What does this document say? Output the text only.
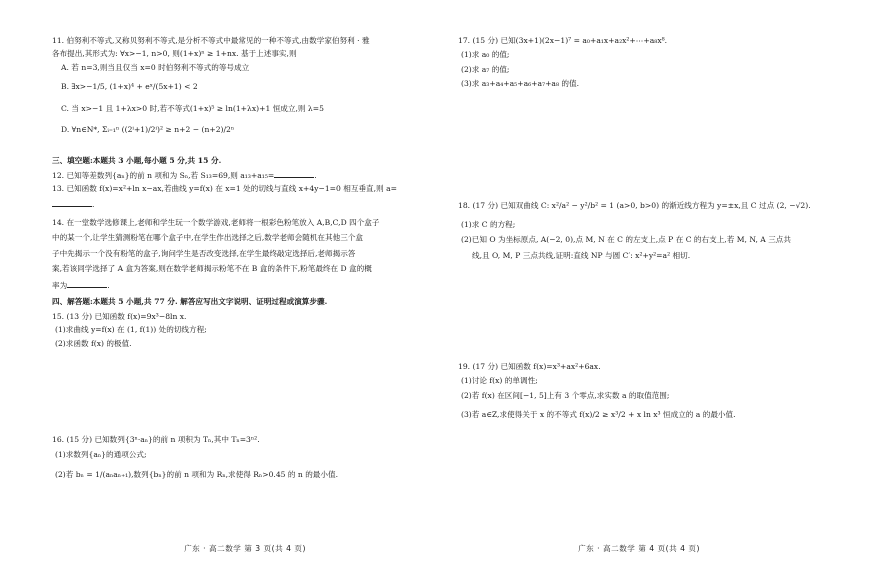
11. 伯努利不等式,又称贝努利不等式,是分析不等式中最常见的一种不等式,由数学家伯努利 · 雅
各布提出,其形式为: ∀x>−1, n>0, 则(1+x)ⁿ ≥ 1+nx. 基于上述事实,则
A. 若 n=3,则当且仅当 x=0 时伯努利不等式的等号成立
B. ∃x>−1/5, (1+x)⁴ + eˣ/(5x+1) < 2
C. 当 x>−1 且 1+λx>0 时,若不等式(1+x)⁵ ≥ ln(1+λx)+1 恒成立,则 λ=5
D. ∀n∈N*, Σᵢ₌₁ⁿ ((2ⁱ+1)/2ⁱ)² ≥ n+2 − (n+2)/2ⁿ
三、填空题:本题共 3 小题,每小题 5 分,共 15 分.
12. 已知等差数列{aₙ}的前 n 项和为 Sₙ,若 S₁₃=69,则 a₁₃+a₁₅=	.
13. 已知函数 f(x)=x²+ln x−ax,若曲线 y=f(x) 在 x=1 处的切线与直线 x+4y−1=0 相互垂直,则 a=
.
14. 在一堂数学选修课上,老师和学生玩一个数学游戏,老师将一根彩色粉笔放入 A,B,C,D 四个盒子
中的某一个,让学生猜测粉笔在哪个盒子中,在学生作出选择之后,数学老师会随机在其他三个盒
子中先揭示一个没有粉笔的盒子,询问学生是否改变选择,在学生最终敲定选择后,老师揭示答
案,若该同学选择了 A 盒为答案,则在数学老师揭示粉笔不在 B 盒的条件下,粉笔最终在 D 盒的概
率为	.
四、解答题:本题共 5 小题,共 77 分. 解答应写出文字说明、证明过程或演算步骤.
15. (13 分) 已知函数 f(x)=9x³−8ln x.
(1)求曲线 y=f(x) 在 (1, f(1)) 处的切线方程;
(2)求函数 f(x) 的极值.
16. (15 分) 已知数列{3ⁿ·aₙ}的前 n 项积为 Tₙ,其中 Tₙ=3ⁿ².
(1)求数列{aₙ}的通项公式;
(2)若 bₙ = 1/(aₙaₙ₊₁),数列{bₙ}的前 n 项和为 Rₙ,求使得 Rₙ>0.45 的 n 的最小值.
广东 · 高二数学 第 3 页(共 4 页)
17. (15 分) 已知(3x+1)(2x−1)⁷ = a₀+a₁x+a₂x²+⋯+a₈x⁸.
(1)求 a₀ 的值;
(2)求 a₇ 的值;
(3)求 a₃+a₄+a₅+a₆+a₇+a₈ 的值.
18. (17 分) 已知双曲线 C: x²/a² − y²/b² = 1 (a>0, b>0) 的渐近线方程为 y=±x,且 C 过点 (2, −√2).
(1)求 C 的方程;
(2)已知 O 为坐标原点, A(−2, 0),点 M, N 在 C 的左支上,点 P 在 C 的右支上,若 M, N, A 三点共
线,且 O, M, P 三点共线,证明:直线 NP 与圆 C′: x²+y²=a² 相切.
19. (17 分) 已知函数 f(x)=x³+ax²+6ax.
(1)讨论 f(x) 的单调性;
(2)若 f(x) 在区间[−1, 5]上有 3 个零点,求实数 a 的取值范围;
(3)若 a∈Z,求使得关于 x 的不等式 f(x)/2 ≥ x³/2 + x ln x³ 恒成立的 a 的最小值.
广东 · 高二数学 第 4 页(共 4 页)
